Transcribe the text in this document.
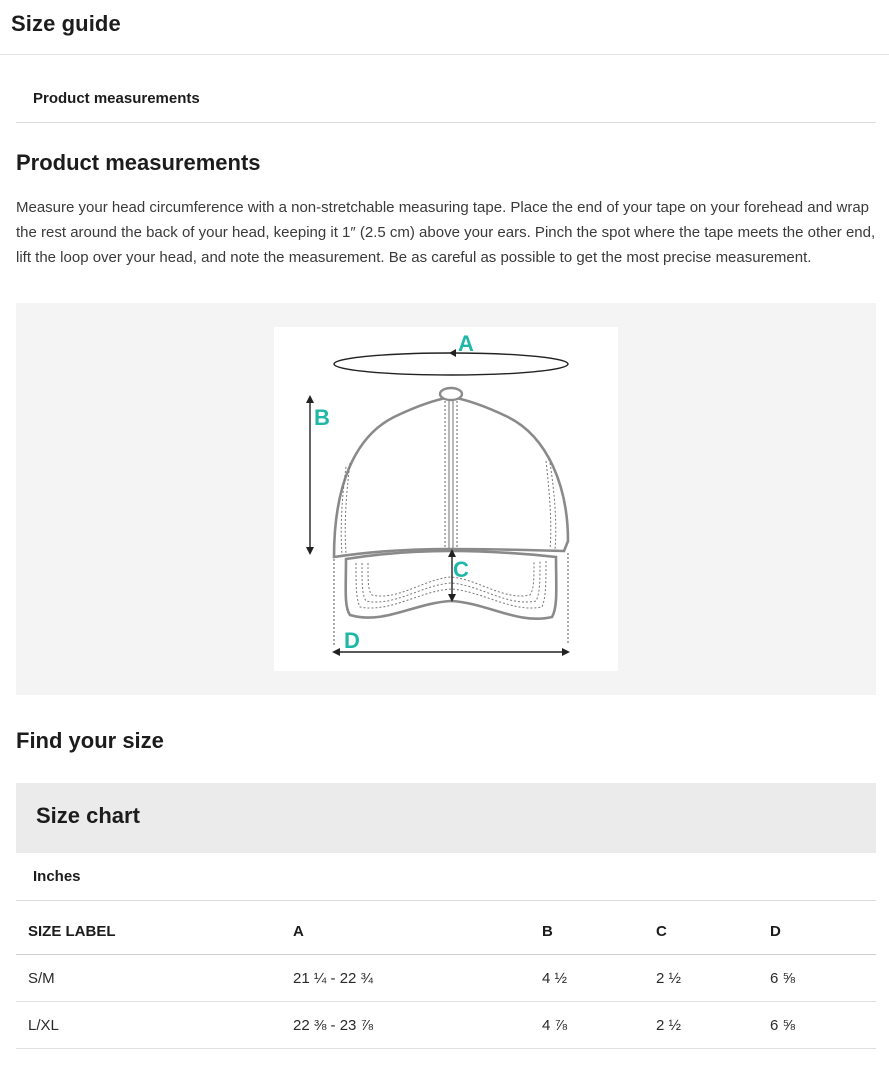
Size guide
Product measurements
Product measurements

Measure your head circumference with a non-stretchable measuring tape. Place the end of your tape on your forehead and wrap the rest around the back of your head, keeping it 1″ (2.5 cm) above your ears. Pinch the spot where the tape meets the other end, lift the loop over your head, and note the measurement. Be as careful as possible to get the most precise measurement.

A
B
C
D
Find your size
Size chart
Inches
SIZE LABEL	A	B	C	D
S/M	21 ¼ - 22 ¾	4 ½	2 ½	6 ⅝
L/XL	22 ⅜ - 23 ⅞	4 ⅞	2 ½	6 ⅝
